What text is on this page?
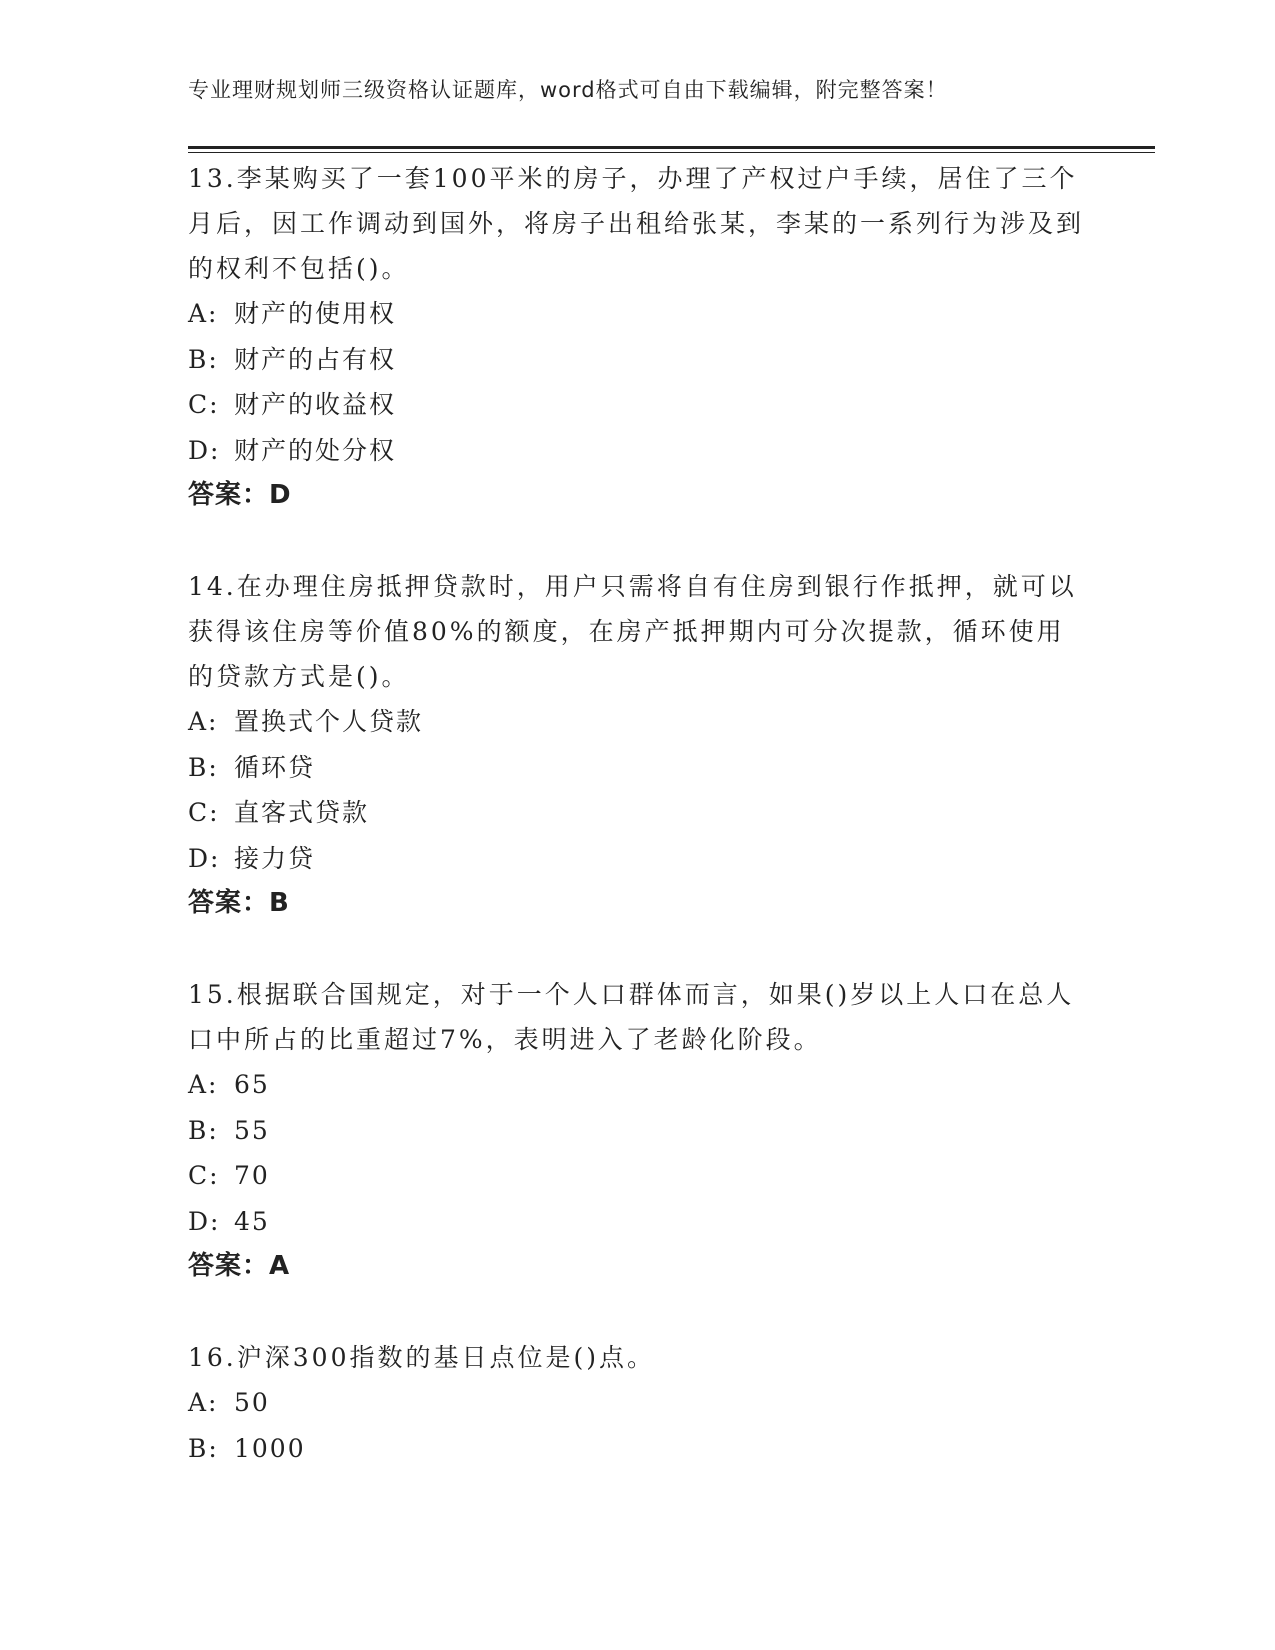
专业理财规划师三级资格认证题库，word格式可自由下载编辑，附完整答案！

13.李某购买了一套100平米的房子，办理了产权过户手续，居住了三个月后，因工作调动到国外，将房子出租给张某，李某的一系列行为涉及到的权利不包括()。

A: 财产的使用权

B: 财产的占有权

C: 财产的收益权

D: 财产的处分权

答案：D

14.在办理住房抵押贷款时，用户只需将自有住房到银行作抵押，就可以获得该住房等价值80%的额度，在房产抵押期内可分次提款，循环使用的贷款方式是()。

A: 置换式个人贷款

B: 循环贷

C: 直客式贷款

D: 接力贷

答案：B

15.根据联合国规定，对于一个人口群体而言，如果()岁以上人口在总人口中所占的比重超过7%，表明进入了老龄化阶段。

A: 65

B: 55

C: 70

D: 45

答案：A

16.沪深300指数的基日点位是()点。

A: 50

B: 1000
